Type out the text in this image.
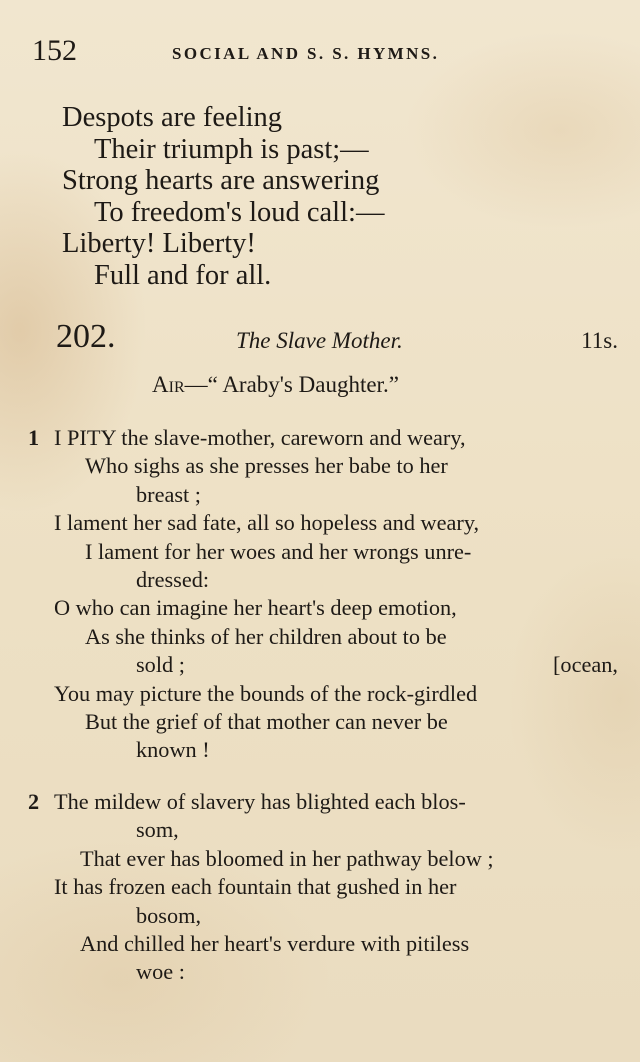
152	SOCIAL AND S. S. HYMNS.
Despots are feeling
Their triumph is past;—
Strong hearts are answering
To freedom's loud call:—
Liberty! Liberty!
Full and for all.
202.	The Slave Mother.	11s.
Air—“ Araby's Daughter.”
1 I PITY the slave-mother, careworn and weary,
Who sighs as she presses her babe to her
breast ;
I lament her sad fate, all so hopeless and weary,
I lament for her woes and her wrongs unre-
dressed:
O who can imagine her heart's deep emotion,
As she thinks of her children about to be
sold ;	[ocean,
You may picture the bounds of the rock-girdled
But the grief of that mother can never be
known !
2 The mildew of slavery has blighted each blos-
som,
That ever has bloomed in her pathway below ;
It has frozen each fountain that gushed in her
bosom,
And chilled her heart's verdure with pitiless
woe :
